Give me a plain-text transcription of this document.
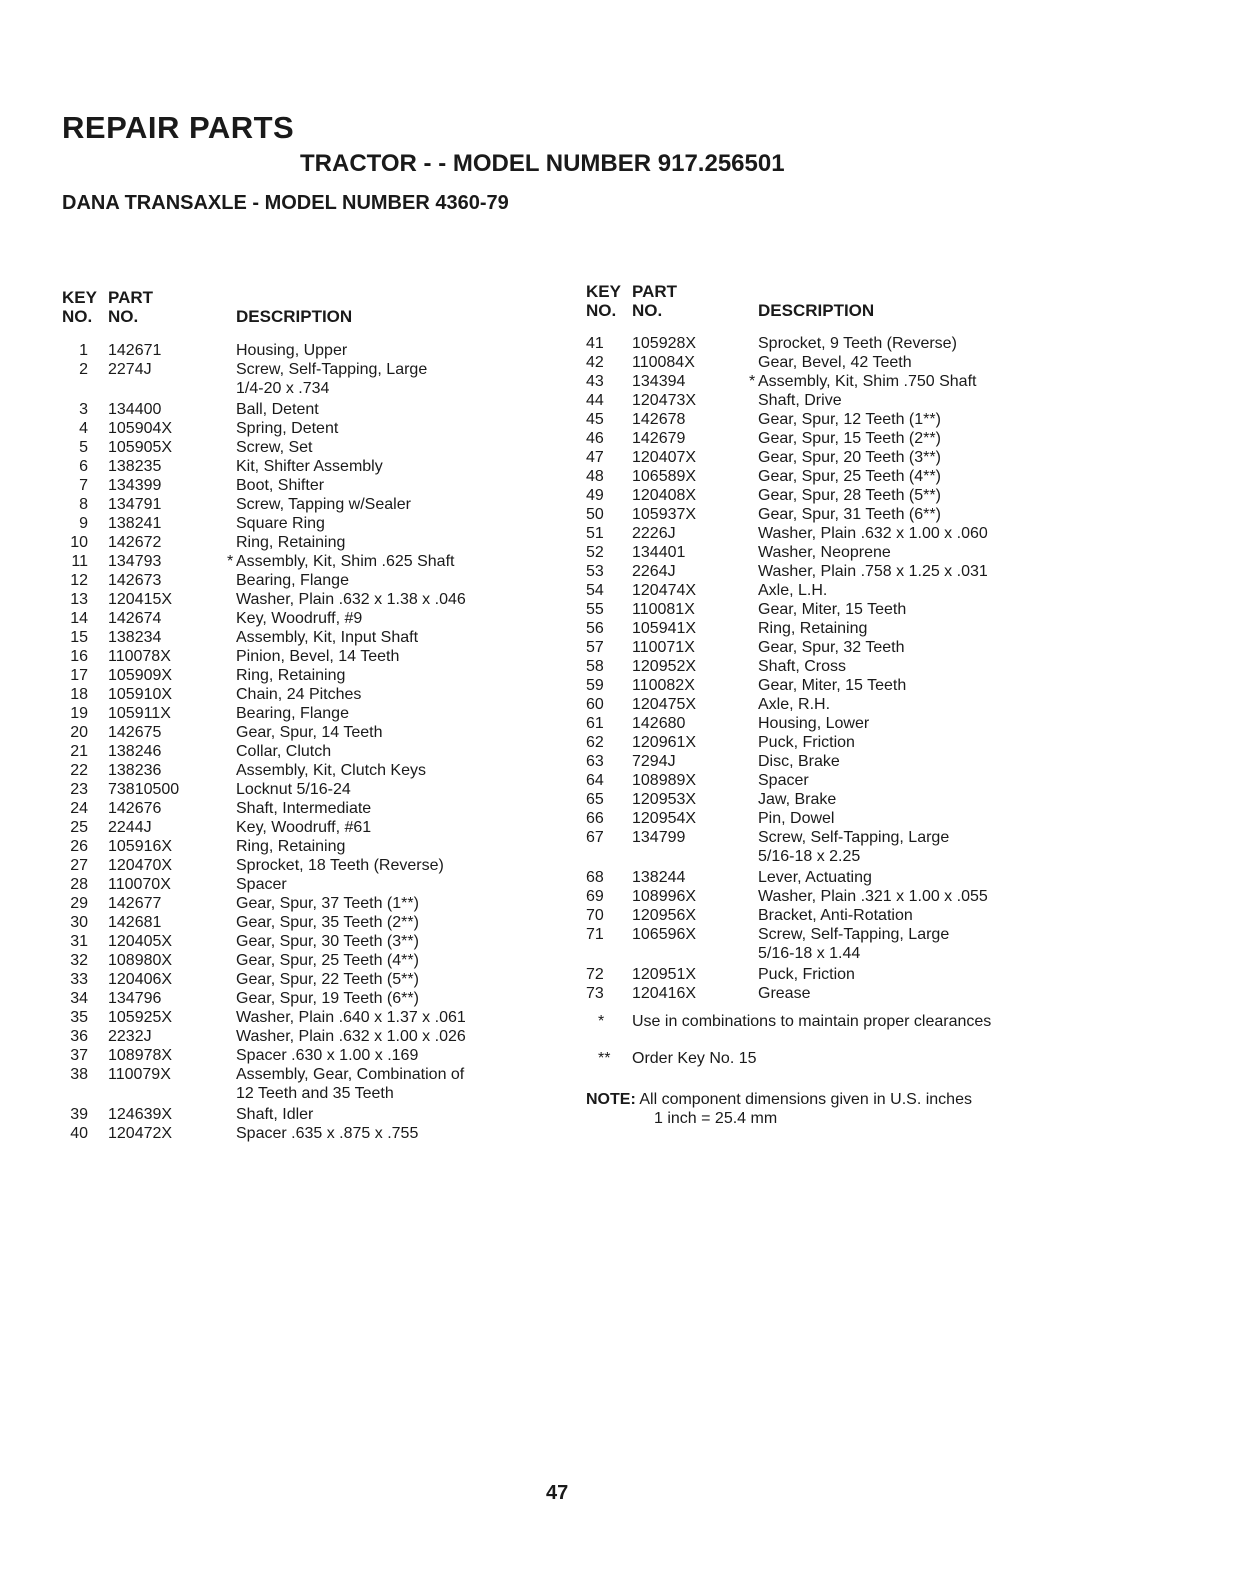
REPAIR PARTS
TRACTOR - - MODEL NUMBER 917.256501
DANA TRANSAXLE - MODEL NUMBER 4360-79
KEY
NO.
PART
NO.	DESCRIPTION
1	142671	Housing, Upper
2	2274J	Screw, Self-Tapping, Large
1/4-20 x .734
3	134400	Ball, Detent
4	105904X	Spring, Detent
5	105905X	Screw, Set
6	138235	Kit, Shifter Assembly
7	134399	Boot, Shifter
8	134791	Screw, Tapping w/Sealer
9	138241	Square Ring
10	142672	Ring, Retaining
11	134793	* Assembly, Kit, Shim .625 Shaft
12	142673	Bearing, Flange
13	120415X	Washer, Plain .632 x 1.38 x .046
14	142674	Key, Woodruff, #9
15	138234	Assembly, Kit, Input Shaft
16	110078X	Pinion, Bevel, 14 Teeth
17	105909X	Ring, Retaining
18	105910X	Chain, 24 Pitches
19	105911X	Bearing, Flange
20	142675	Gear, Spur, 14 Teeth
21	138246	Collar, Clutch
22	138236	Assembly, Kit, Clutch Keys
23	73810500	Locknut 5/16-24
24	142676	Shaft, Intermediate
25	2244J	Key, Woodruff, #61
26	105916X	Ring, Retaining
27	120470X	Sprocket, 18 Teeth (Reverse)
28	110070X	Spacer
29	142677	Gear, Spur, 37 Teeth (1**)
30	142681	Gear, Spur, 35 Teeth (2**)
31	120405X	Gear, Spur, 30 Teeth (3**)
32	108980X	Gear, Spur, 25 Teeth (4**)
33	120406X	Gear, Spur, 22 Teeth (5**)
34	134796	Gear, Spur, 19 Teeth (6**)
35	105925X	Washer, Plain .640 x 1.37 x .061
36	2232J	Washer, Plain .632 x 1.00 x .026
37	108978X	Spacer .630 x 1.00 x .169
38	110079X	Assembly, Gear, Combination of
12 Teeth and 35 Teeth
39	124639X	Shaft, Idler
40	120472X	Spacer .635 x .875 x .755
KEY
NO.
PART
NO.	DESCRIPTION
41	105928X	Sprocket, 9 Teeth (Reverse)
42	110084X	Gear, Bevel, 42 Teeth
43	134394	* Assembly, Kit, Shim .750 Shaft
44	120473X	Shaft, Drive
45	142678	Gear, Spur, 12 Teeth (1**)
46	142679	Gear, Spur, 15 Teeth (2**)
47	120407X	Gear, Spur, 20 Teeth (3**)
48	106589X	Gear, Spur, 25 Teeth (4**)
49	120408X	Gear, Spur, 28 Teeth (5**)
50	105937X	Gear, Spur, 31 Teeth (6**)
51	2226J	Washer, Plain .632 x 1.00 x .060
52	134401	Washer, Neoprene
53	2264J	Washer, Plain .758 x 1.25 x .031
54	120474X	Axle, L.H.
55	110081X	Gear, Miter, 15 Teeth
56	105941X	Ring, Retaining
57	110071X	Gear, Spur, 32 Teeth
58	120952X	Shaft, Cross
59	110082X	Gear, Miter, 15 Teeth
60	120475X	Axle, R.H.
61	142680	Housing, Lower
62	120961X	Puck, Friction
63	7294J	Disc, Brake
64	108989X	Spacer
65	120953X	Jaw, Brake
66	120954X	Pin, Dowel
67	134799	Screw, Self-Tapping, Large
5/16-18 x 2.25
68	138244	Lever, Actuating
69	108996X	Washer, Plain .321 x 1.00 x .055
70	120956X	Bracket, Anti-Rotation
71	106596X	Screw, Self-Tapping, Large
5/16-18 x 1.44
72	120951X	Puck, Friction
73	120416X	Grease
*	Use in combinations to maintain proper clearances
**	Order Key No. 15
NOTE: All component dimensions given in U.S. inches
1 inch = 25.4 mm
47
